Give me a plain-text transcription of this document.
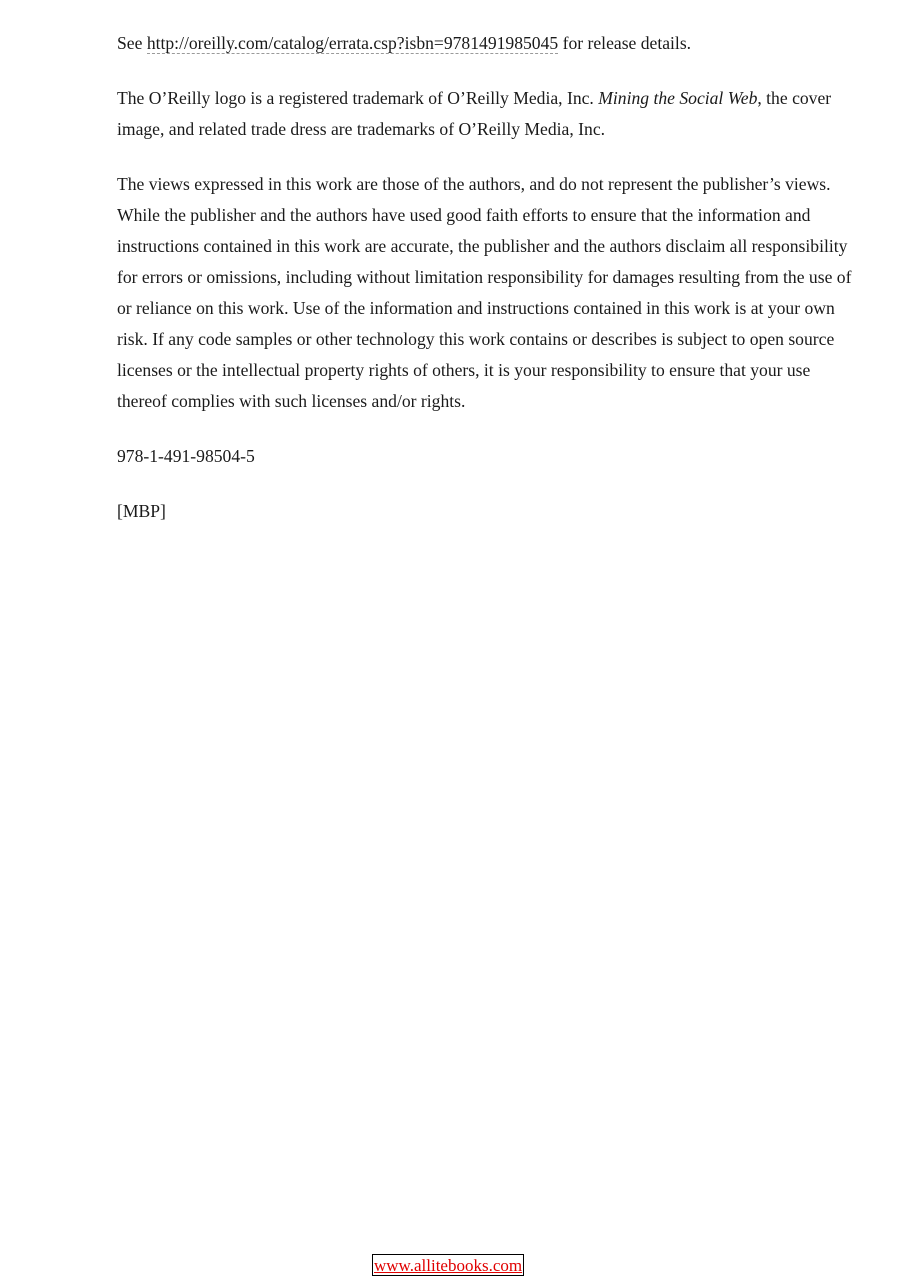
See http://oreilly.com/catalog/errata.csp?isbn=9781491985045 for release details.

The O’Reilly logo is a registered trademark of O’Reilly Media, Inc. Mining the Social Web, the cover image, and related trade dress are trademarks of O’Reilly Media, Inc.

The views expressed in this work are those of the authors, and do not represent the publisher’s views. While the publisher and the authors have used good faith efforts to ensure that the information and instructions contained in this work are accurate, the publisher and the authors disclaim all responsibility for errors or omissions, including without limitation responsibility for damages resulting from the use of or reliance on this work. Use of the information and instructions contained in this work is at your own risk. If any code samples or other technology this work contains or describes is subject to open source licenses or the intellectual property rights of others, it is your responsibility to ensure that your use thereof complies with such licenses and/or rights.

978-1-491-98504-5

[MBP]

www.allitebooks.com
